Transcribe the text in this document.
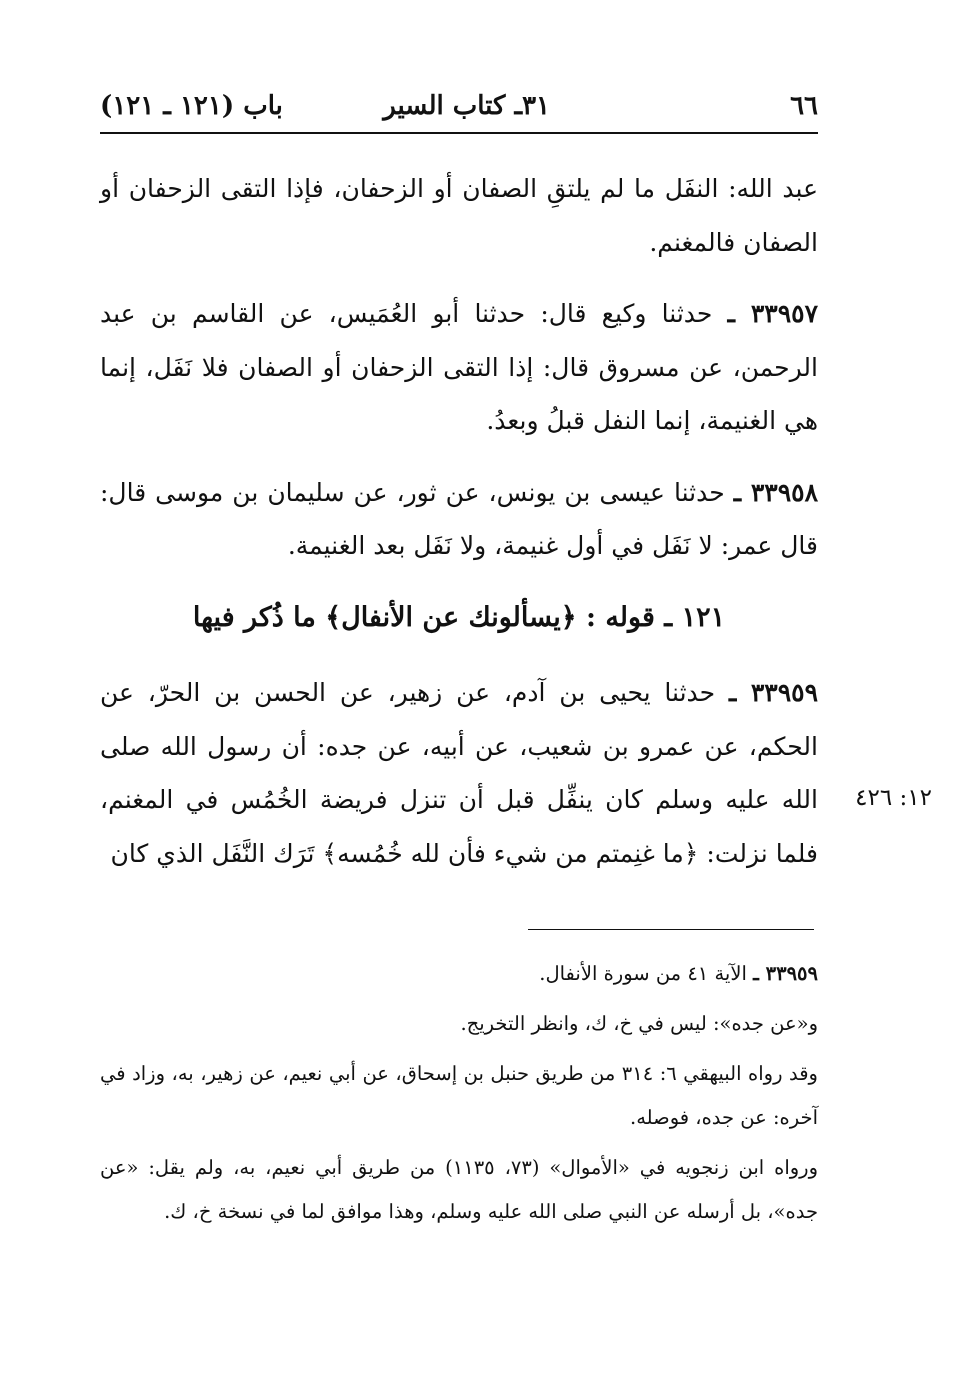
٦٦
٣١ـ كتاب السير
باب (١٢١ ـ ١٢١)

عبد الله: النفَل ما لم يلتقِ الصفان أو الزحفان، فإذا التقى الزحفان أو الصفان فالمغنم.

٣٣٩٥٧ ـ حدثنا وكيع قال: حدثنا أبو العُمَيس، عن القاسم بن عبد الرحمن، عن مسروق قال: إذا التقى الزحفان أو الصفان فلا نَفَل، إنما هي الغنيمة، إنما النفل قبلُ وبعدُ.

٣٣٩٥٨ ـ حدثنا عيسى بن يونس، عن ثور، عن سليمان بن موسى قال: قال عمر: لا نَفَل في أول غنيمة، ولا نَفَل بعد الغنيمة.

١٢١ ـ قوله : ﴿يسألونك عن الأنفال﴾ ما ذُكر فيها

٣٣٩٥٩ ـ حدثنا يحيى بن آدم، عن زهير، عن الحسن بن الحرّ، عن الحكم، عن عمرو بن شعيب، عن أبيه، عن جده: أن رسول الله صلى الله عليه وسلم كان ينفِّل قبل أن تنزل فريضة الخُمُس في المغنم، فلما نزلت: ﴿ما غنِمتم من شيء فأن لله خُمُسه﴾ تَرَك النَّفَل الذي كان

١٢: ٤٢٦

٣٣٩٥٩ ـ الآية ٤١ من سورة الأنفال.

و«عن جده»: ليس في خ، ك، وانظر التخريج.

وقد رواه البيهقي ٦: ٣١٤ من طريق حنبل بن إسحاق، عن أبي نعيم، عن زهير، به، وزاد في آخره: عن جده، فوصله.

ورواه ابن زنجويه في «الأموال» (٧٣، ١١٣٥) من طريق أبي نعيم، به، ولم يقل: «عن جده»، بل أرسله عن النبي صلى الله عليه وسلم، وهذا موافق لما في نسخة خ، ك.
